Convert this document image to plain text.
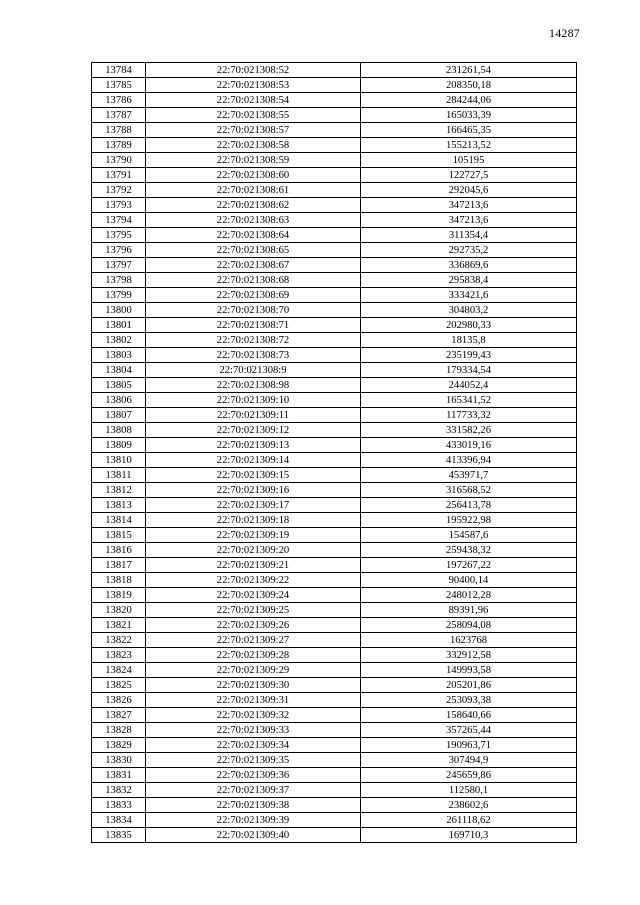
14287
13784	22:70:021308:52	231261,54
13785	22:70:021308:53	208350,18
13786	22:70:021308:54	284244,06
13787	22:70:021308:55	165033,39
13788	22:70:021308:57	166465,35
13789	22:70:021308:58	155213,52
13790	22:70:021308:59	105195
13791	22:70:021308:60	122727,5
13792	22:70:021308:61	292045,6
13793	22:70:021308:62	347213,6
13794	22:70:021308:63	347213,6
13795	22:70:021308:64	311354,4
13796	22:70:021308:65	292735,2
13797	22:70:021308:67	336869,6
13798	22:70:021308:68	295838,4
13799	22:70:021308:69	333421,6
13800	22:70:021308:70	304803,2
13801	22:70:021308:71	202980,33
13802	22:70:021308:72	18135,8
13803	22:70:021308:73	235199,43
13804	22:70:021308:9	179334,54
13805	22:70:021308:98	244052,4
13806	22:70:021309:10	165341,52
13807	22:70:021309:11	117733,32
13808	22:70:021309:12	331582,26
13809	22:70:021309:13	433019,16
13810	22:70:021309:14	413396,94
13811	22:70:021309:15	453971,7
13812	22:70:021309:16	316568,52
13813	22:70:021309:17	256413,78
13814	22:70:021309:18	195922,98
13815	22:70:021309:19	154587,6
13816	22:70:021309:20	259438,32
13817	22:70:021309:21	197267,22
13818	22:70:021309:22	90400,14
13819	22:70:021309:24	248012,28
13820	22:70:021309:25	89391,96
13821	22:70:021309:26	258094,08
13822	22:70:021309:27	1623768
13823	22:70:021309:28	332912,58
13824	22:70:021309:29	149993,58
13825	22:70:021309:30	205201,86
13826	22:70:021309:31	253093,38
13827	22:70:021309:32	158640,66
13828	22:70:021309:33	357265,44
13829	22:70:021309:34	190963,71
13830	22:70:021309:35	307494,9
13831	22:70:021309:36	245659,86
13832	22:70:021309:37	112580,1
13833	22:70:021309:38	238602,6
13834	22:70:021309:39	261118,62
13835	22:70:021309:40	169710,3
